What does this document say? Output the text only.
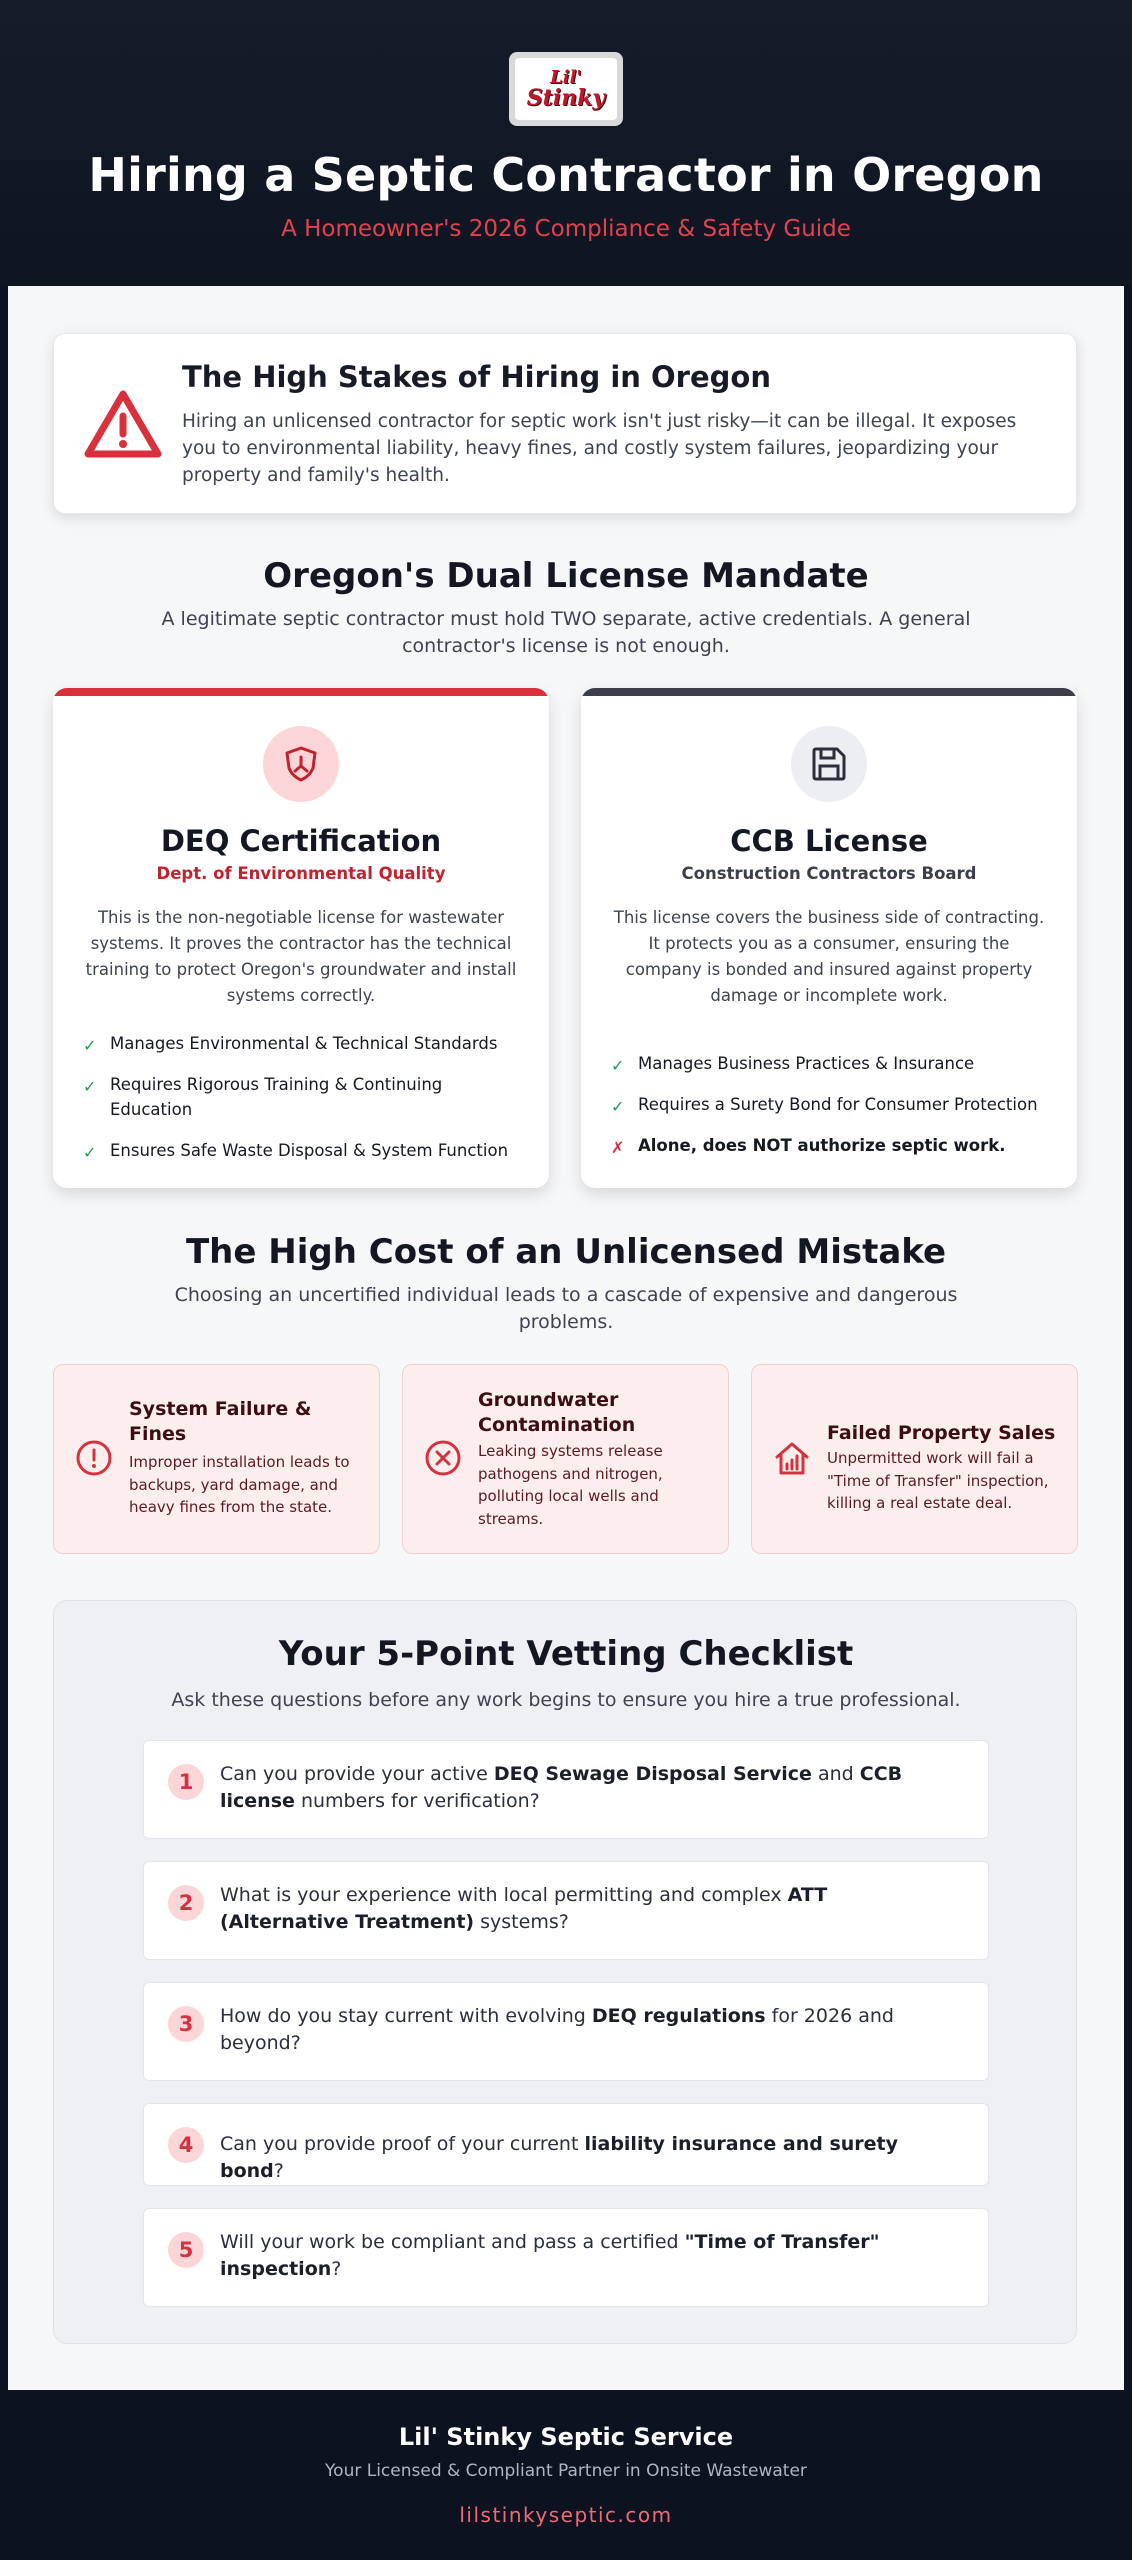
Lil'
Stinky
Hiring a Septic Contractor in Oregon
A Homeowner's 2026 Compliance & Safety Guide
The High Stakes of Hiring in Oregon

Hiring an unlicensed contractor for septic work isn't just risky—it can be illegal. It exposes you to environmental liability, heavy fines, and costly system failures, jeopardizing your property and family's health.

Oregon's Dual License Mandate
A legitimate septic contractor must hold TWO separate, active credentials. A general contractor's license is not enough.
DEQ Certification
Dept. of Environmental Quality
This is the non-negotiable license for wastewater systems. It proves the contractor has the technical training to protect Oregon's groundwater and install systems correctly.
✓ Manages Environmental & Technical Standards
✓ Requires Rigorous Training & Continuing Education
✓ Ensures Safe Waste Disposal & System Function
CCB License
Construction Contractors Board
This license covers the business side of contracting. It protects you as a consumer, ensuring the company is bonded and insured against property damage or incomplete work.
✓ Manages Business Practices & Insurance
✓ Requires a Surety Bond for Consumer Protection
✗ Alone, does NOT authorize septic work.
The High Cost of an Unlicensed Mistake
Choosing an uncertified individual leads to a cascade of expensive and dangerous problems.
System Failure & Fines

Improper installation leads to backups, yard damage, and heavy fines from the state.

Groundwater Contamination

Leaking systems release pathogens and nitrogen, polluting local wells and streams.

Failed Property Sales

Unpermitted work will fail a "Time of Transfer" inspection, killing a real estate deal.

Your 5-Point Vetting Checklist
Ask these questions before any work begins to ensure you hire a true professional.
1	Can you provide your active DEQ Sewage Disposal Service and CCB license numbers for verification?
2	What is your experience with local permitting and complex ATT (Alternative Treatment) systems?
3	How do you stay current with evolving DEQ regulations for 2026 and beyond?
4	Can you provide proof of your current liability insurance and surety bond?
5	Will your work be compliant and pass a certified "Time of Transfer" inspection?
Lil' Stinky Septic Service
Your Licensed & Compliant Partner in Onsite Wastewater
lilstinkyseptic.com
